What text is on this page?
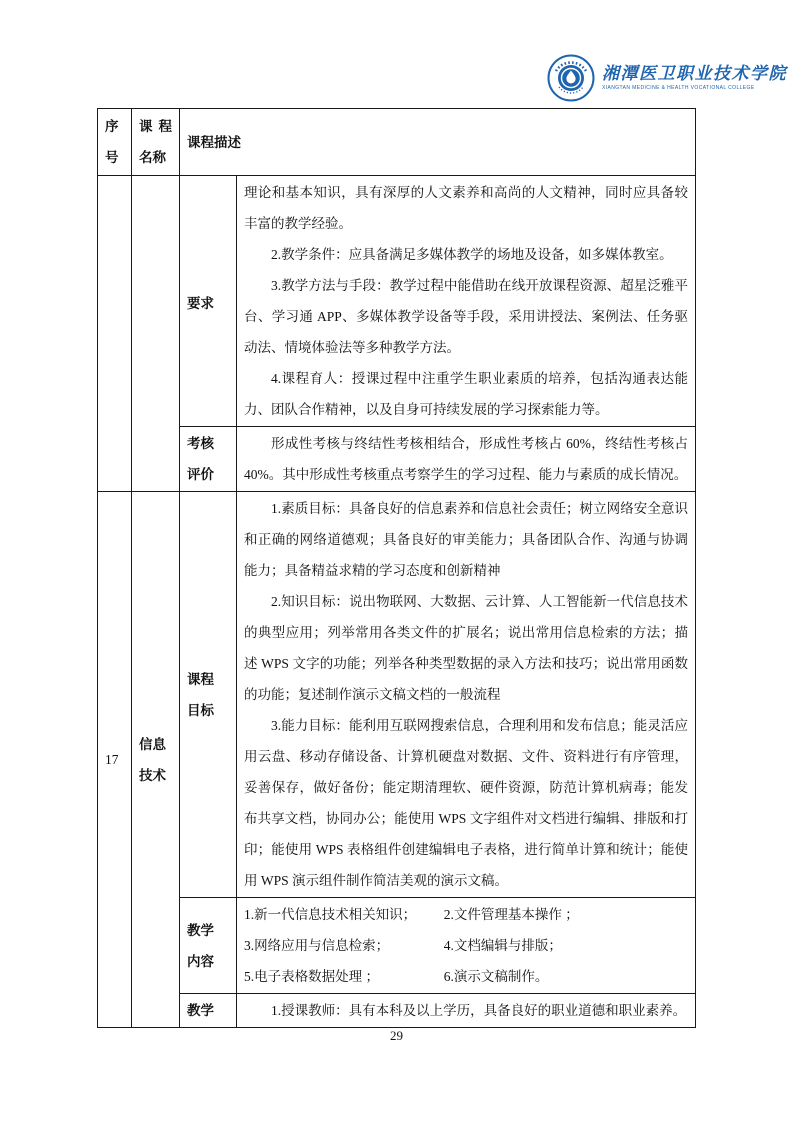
湘潭医卫职业技术学院
XIANGTAN MEDICINE & HEALTH VOCATIONAL COLLEGE
序号	课程名称	课程描述	
		要求	理论和基本知识，具有深厚的人文素养和高尚的人文精神，同时应具备较丰富的教学经验。

2.教学条件：应具备满足多媒体教学的场地及设备，如多媒体教室。

3.教学方法与手段：教学过程中能借助在线开放课程资源、超星泛雅平台、学习通 APP、多媒体教学设备等手段，采用讲授法、案例法、任务驱动法、情境体验法等多种教学方法。

4.课程育人：授课过程中注重学生职业素质的培养，包括沟通表达能力、团队合作精神，以及自身可持续发展的学习探索能力等。

		考核评价	形成性考核与终结性考核相结合，形成性考核占 60%，终结性考核占 40%。其中形成性考核重点考察学生的学习过程、能力与素质的成长情况。

17	信息技术	课程目标	1.素质目标：具备良好的信息素养和信息社会责任；树立网络安全意识和正确的网络道德观；具备良好的审美能力；具备团队合作、沟通与协调能力；具备精益求精的学习态度和创新精神

2.知识目标：说出物联网、大数据、云计算、人工智能新一代信息技术的典型应用；列举常用各类文件的扩展名；说出常用信息检索的方法；描述 WPS 文字的功能；列举各种类型数据的录入方法和技巧；说出常用函数的功能；复述制作演示文稿文档的一般流程

3.能力目标：能利用互联网搜索信息，合理利用和发布信息；能灵活应用云盘、移动存储设备、计算机硬盘对数据、文件、资料进行有序管理，妥善保存，做好备份；能定期清理软、硬件资源，防范计算机病毒；能发布共享文档，协同办公；能使用 WPS 文字组件对文档进行编辑、排版和打印；能使用 WPS 表格组件创建编辑电子表格，进行简单计算和统计；能使用 WPS 演示组件制作简洁美观的演示文稿。

教学内容	
1.新一代信息技术相关知识；	2.文件管理基本操作 ；
3.网络应用与信息检索；	4.文档编辑与排版；
5.电子表格数据处理 ；	6.演示文稿制作。

		教学	1.授课教师：具有本科及以上学历，具备良好的职业道德和职业素养。

29
